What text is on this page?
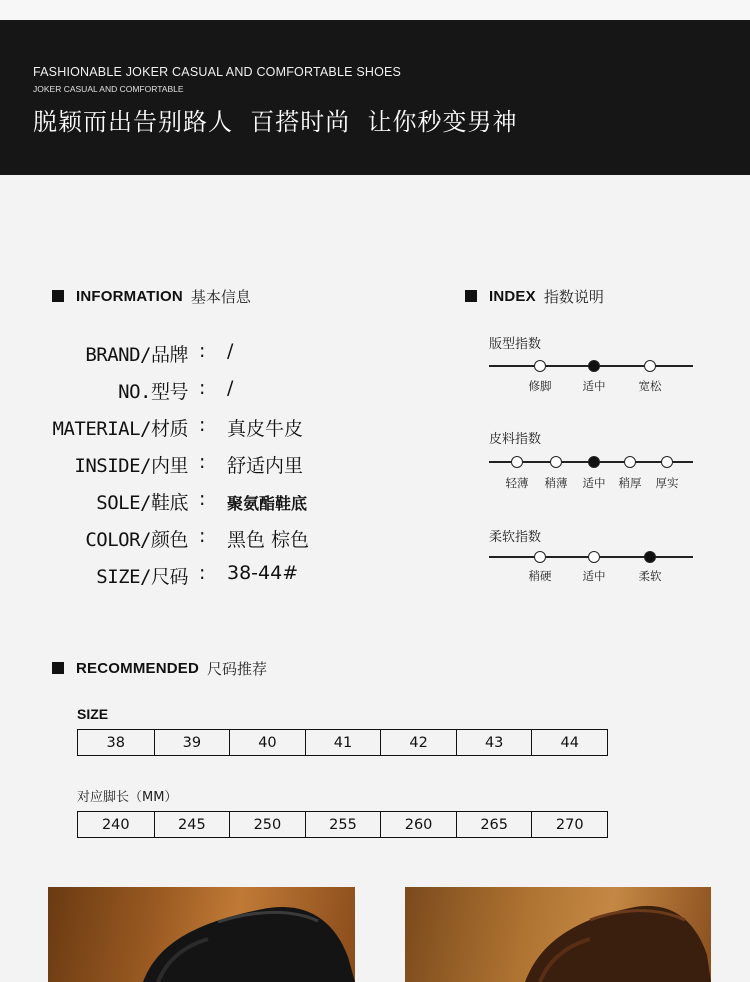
FASHIONABLE JOKER CASUAL AND COMFORTABLE SHOES
JOKER CASUAL AND COMFORTABLE
脱颖而出告别路人  百搭时尚  让你秒变男神
INFORMATION 基本信息
BRAND/品牌 : /
NO.型号 : /
MATERIAL/材质 : 真皮牛皮
INSIDE/内里 : 舒适内里
SOLE/鞋底 : 聚氨酯鞋底
COLOR/颜色 : 黑色 棕色
SIZE/尺码 : 38-44#
INDEX 指数说明
版型指数
修脚	适中	宽松
皮料指数
轻薄 稍薄 适中 稍厚 厚实
柔软指数
稍硬	适中	柔软
RECOMMENDED 尺码推荐
SIZE
38	39	40	41	42	43	44
对应脚长（MM）
240	245	250	255	260	265	270
